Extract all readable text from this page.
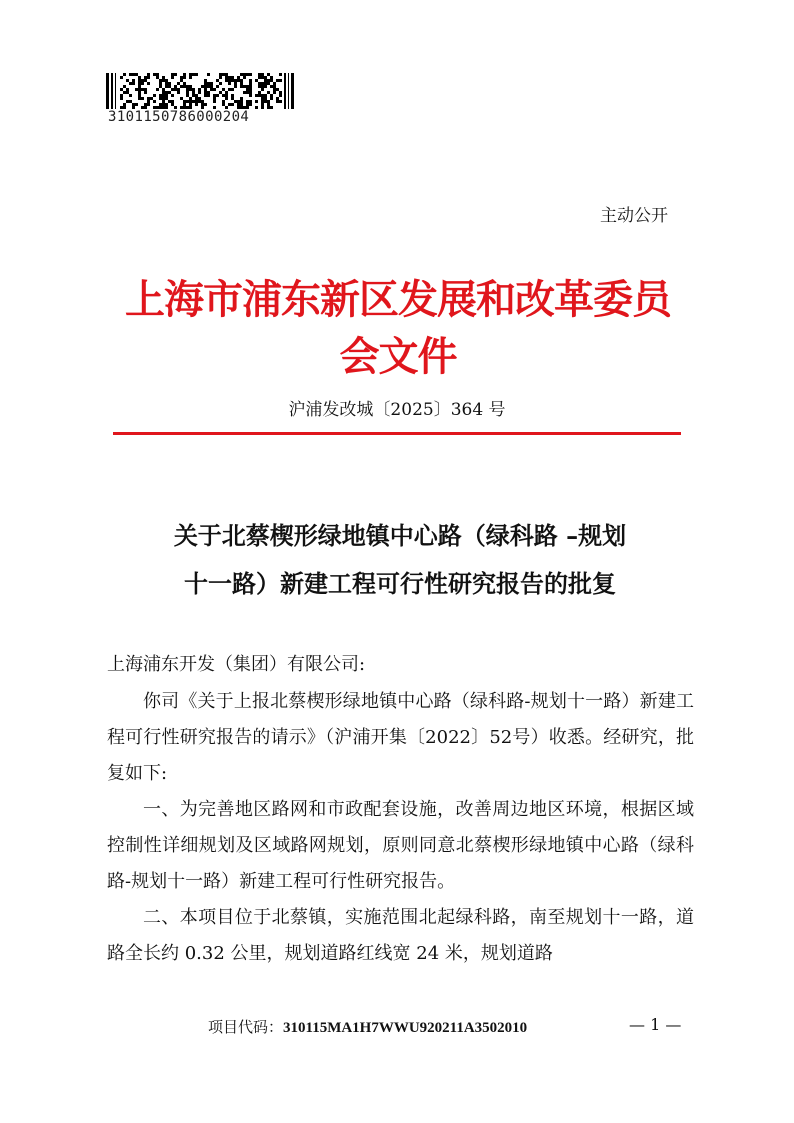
3101150786000204
主动公开
上海市浦东新区发展和改革委员会文件
沪浦发改城〔2025〕364 号
关于北蔡楔形绿地镇中心路（绿科路 –规划
十一路）新建工程可行性研究报告的批复
上海浦东开发（集团）有限公司:

你司《关于上报北蔡楔形绿地镇中心路（绿科路-规划十一路）新建工程可行性研究报告的请示》（沪浦开集〔2022〕52号）收悉。经研究，批复如下:

一、为完善地区路网和市政配套设施，改善周边地区环境，根据区域控制性详细规划及区域路网规划，原则同意北蔡楔形绿地镇中心路（绿科路-规划十一路）新建工程可行性研究报告。

二、本项目位于北蔡镇，实施范围北起绿科路，南至规划十一路，道路全长约 0.32 公里，规划道路红线宽 24 米，规划道路

项目代码：310115MA1H7WWU920211A3502010	— 1 —
